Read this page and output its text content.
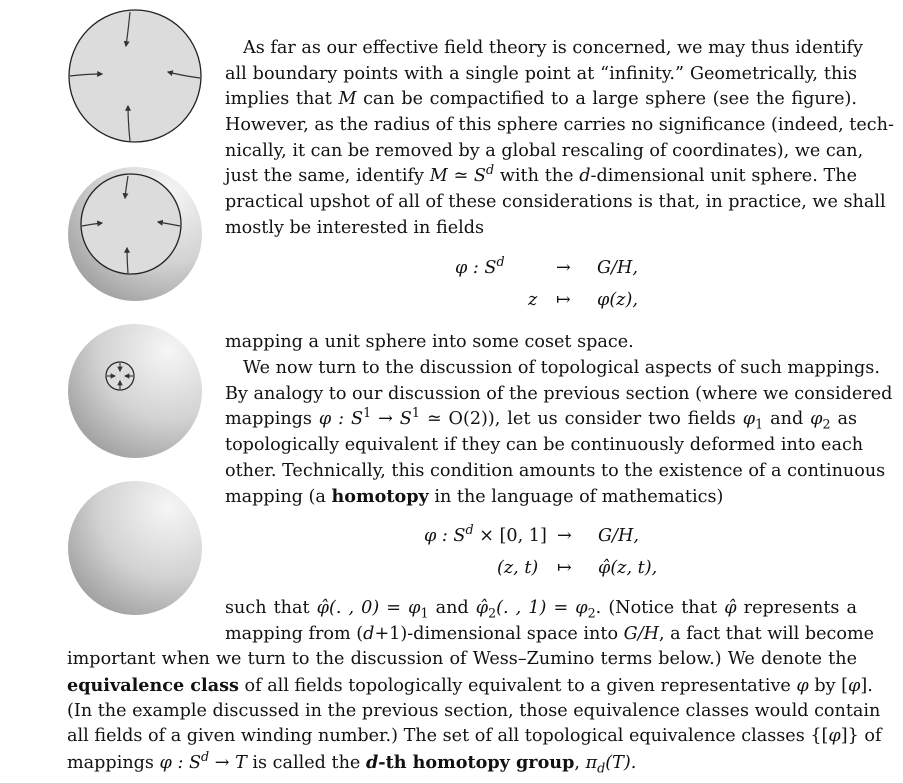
As far as our effective field theory is concerned, we may thus identify
all boundary points with a single point at “infinity.” Geometrically, this
implies that M can be compactified to a large sphere (see the figure).
However, as the radius of this sphere carries no significance (indeed, tech-
nically, it can be removed by a global rescaling of coordinates), we can,
just the same, identify M ≃ $S^d$ with the d-dimensional unit sphere. The
practical upshot of all of these considerations is that, in practice, we shall
mostly be interested in fields
φ : $S^d$	→ G/H,
z ↦ φ(z),
mapping a unit sphere into some coset space.
We now turn to the discussion of topological aspects of such mappings.
By analogy to our discussion of the previous section (where we considered
mappings φ : $S^1 \to S^1$ ≃ O(2)), let us consider two fields $\varphi_1$ and $\varphi_2$ as
topologically equivalent if they can be continuously deformed into each
other. Technically, this condition amounts to the existence of a continuous
mapping (a homotopy in the language of mathematics)
φ : $S^d \times [0$, 1] → G/H,
(z, t) ↦ φ̂(z, t),
such that φ̂(. , $0) = \varphi_1$ and $\varphî_2$(. , $1) = \varphi_2$. (Notice that φ̂ represents a
mapping from (d+1)-dimensional space into G/H, a fact that will become
important when we turn to the discussion of Wess–Zumino terms below.) We denote the
equivalence class of all fields topologically equivalent to a given representative φ by [φ].
(In the example discussed in the previous section, those equivalence classes would contain
all fields of a given winding number.) The set of all topological equivalence classes {[φ]} of
mappings φ : $S^d \to T$ is called the d-th homotopy group, $\pi_d(T)$.
